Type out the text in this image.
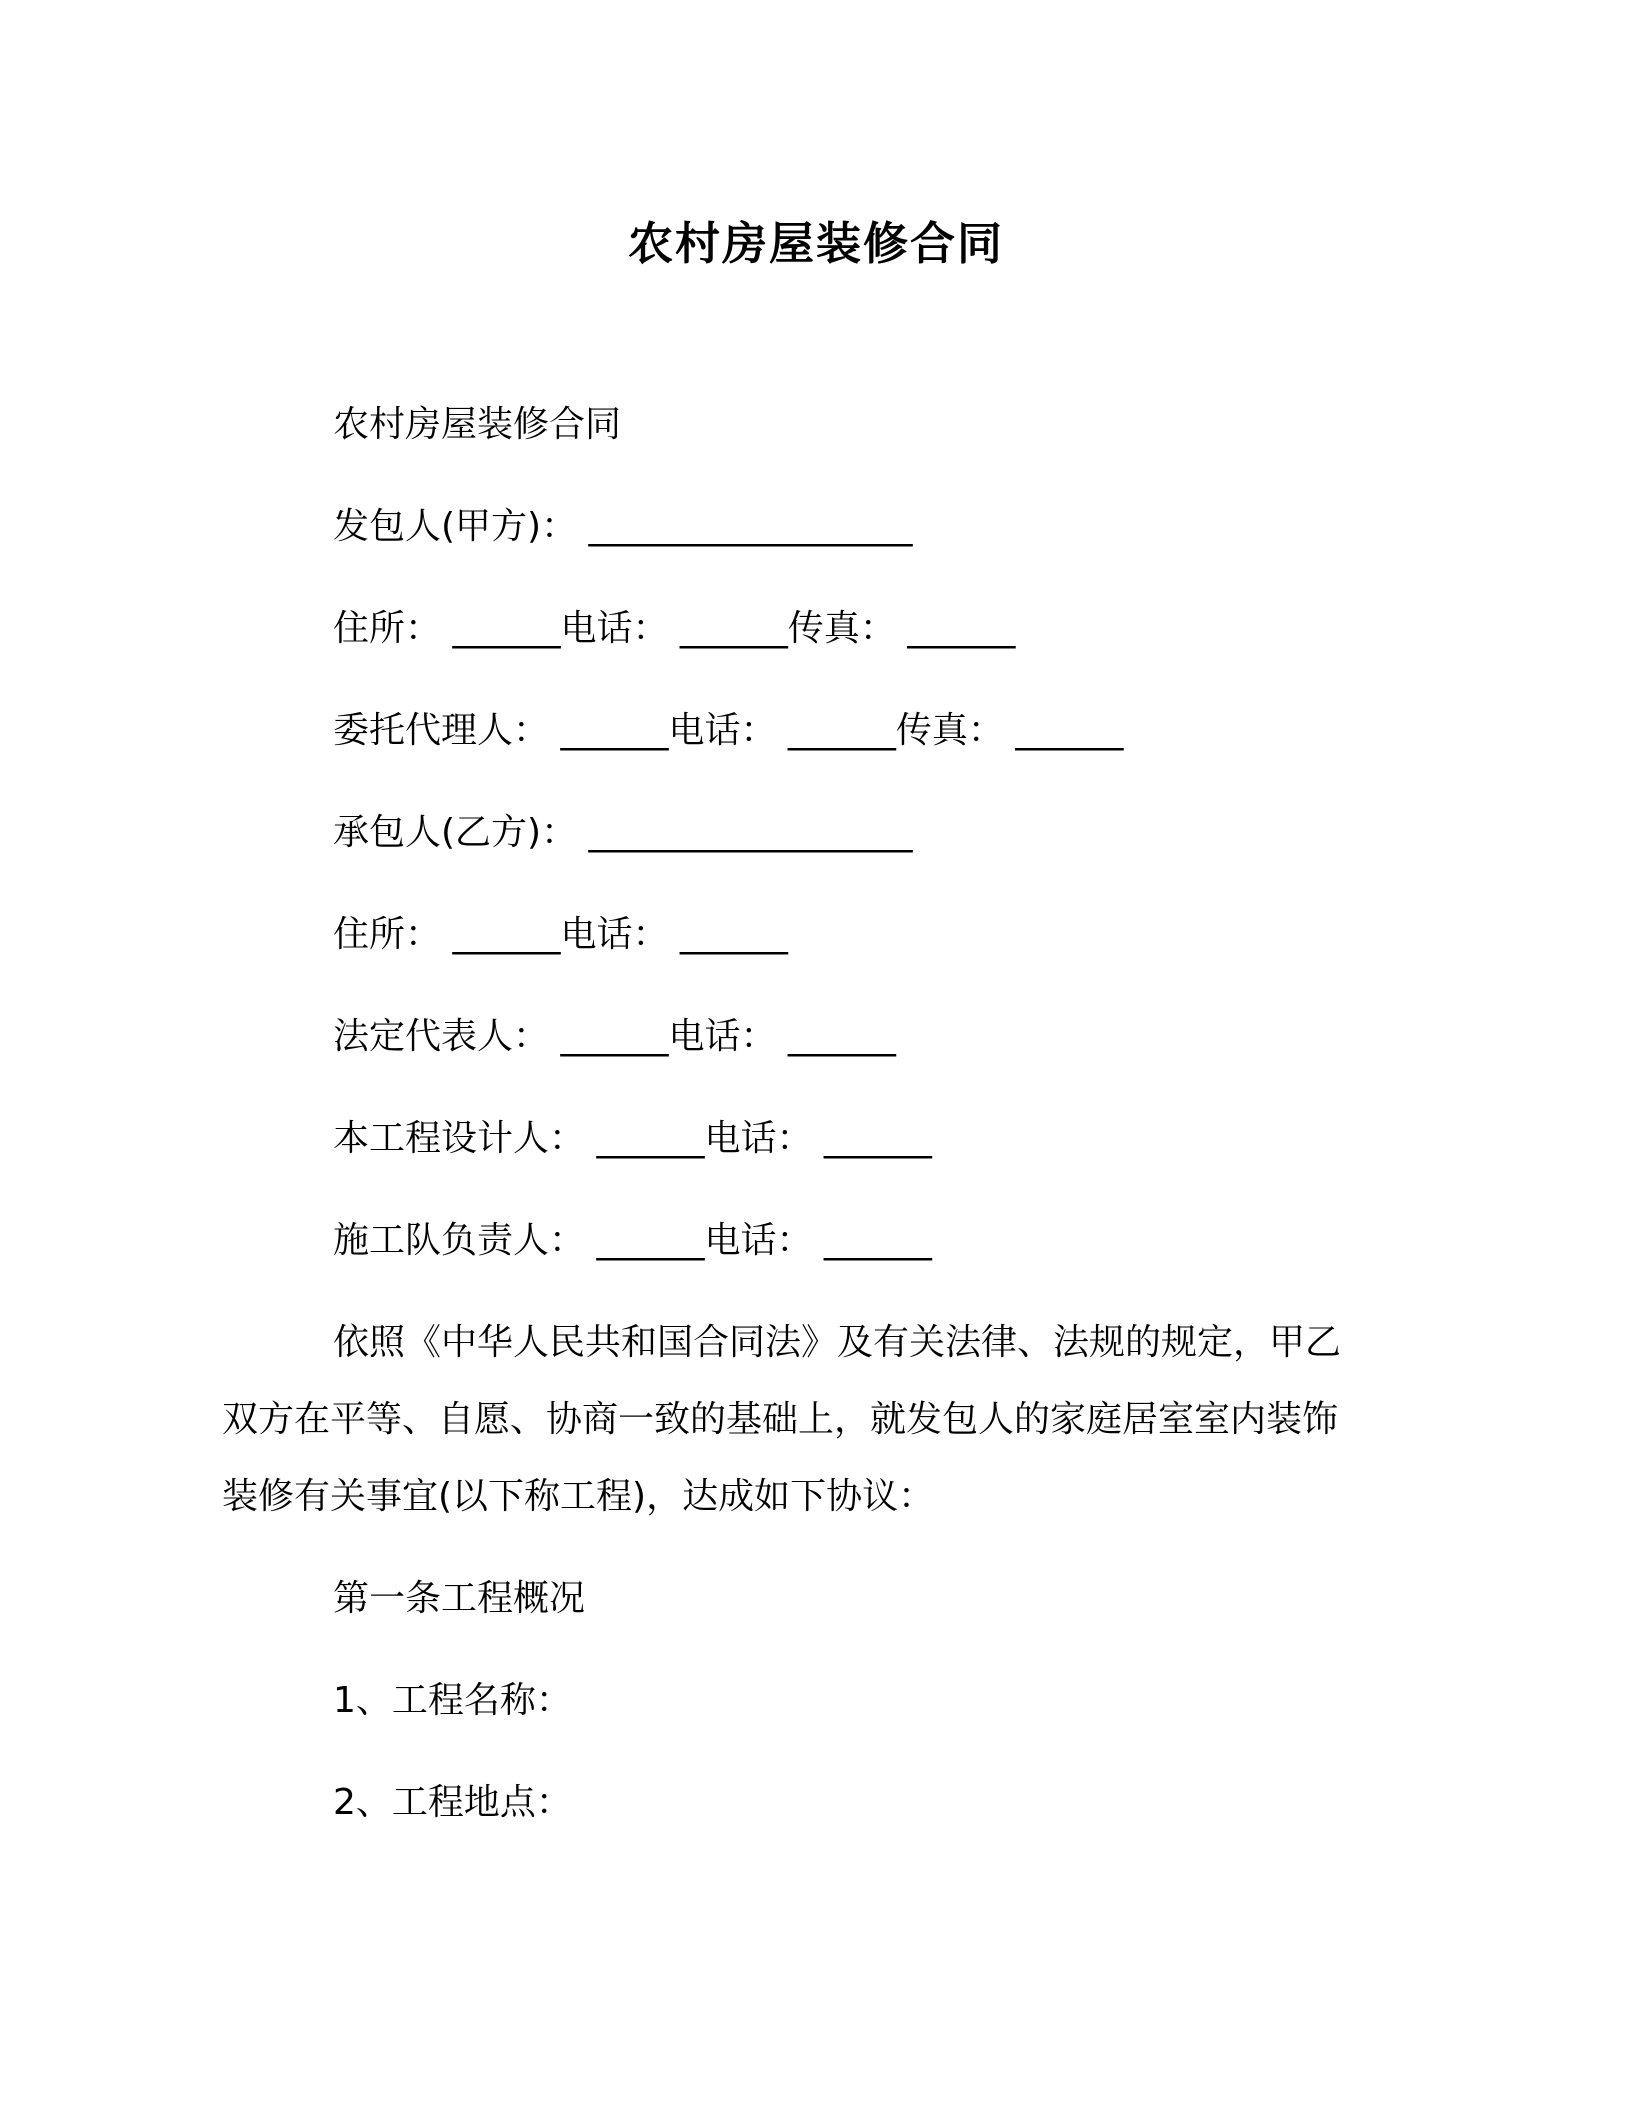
农村房屋装修合同

农村房屋装修合同

发包人(甲方)： __________________

住所： ______电话： ______传真： ______

委托代理人： ______电话： ______传真： ______

承包人(乙方)： __________________

住所： ______电话： ______

法定代表人： ______电话： ______

本工程设计人： ______电话： ______

施工队负责人： ______电话： ______

依照《中华人民共和国合同法》及有关法律、法规的规定，甲乙双方在平等、自愿、协商一致的基础上，就发包人的家庭居室室内装饰装修有关事宜(以下称工程)，达成如下协议：

第一条工程概况

1、工程名称：

2、工程地点：
